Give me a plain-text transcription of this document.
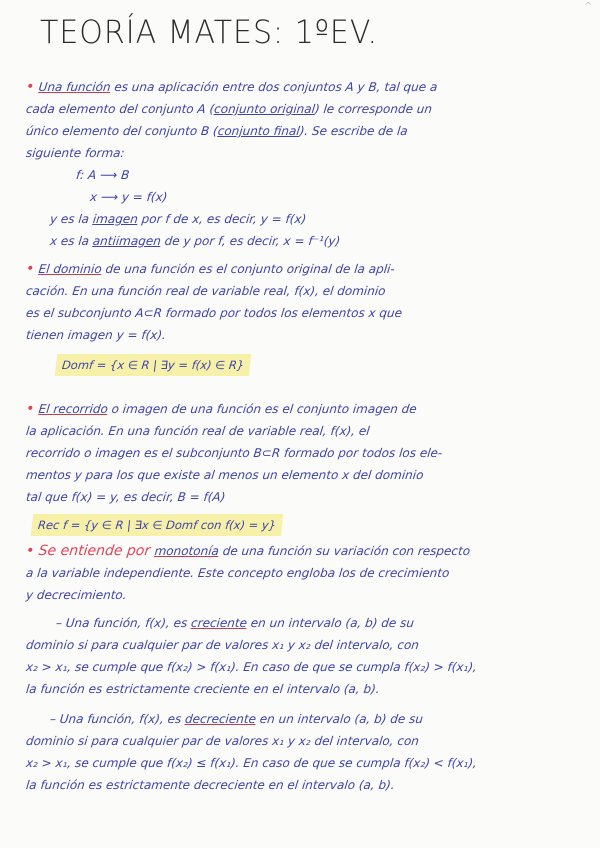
^
TEORÍA MATES: 1ºEV.
• Una función es una aplicación entre dos conjuntos A y B, tal que a
cada elemento del conjunto A (conjunto original) le corresponde un
único elemento del conjunto B (conjunto final). Se escribe de la
siguiente forma:
f: A ⟶ B
x ⟶ y = f(x)
y es la imagen por f de x, es decir, y = f(x)
x es la antiimagen de y por f, es decir, x = f⁻¹(y)
• El dominio de una función es el conjunto original de la apli-
cación. En una función real de variable real, f(x), el dominio
es el subconjunto A⊂R formado por todos los elementos x que
tienen imagen y = f(x).
Domf = {x ∈ R | ∃y = f(x) ∈ R}
• El recorrido o imagen de una función es el conjunto imagen de
la aplicación. En una función real de variable real, f(x), el
recorrido o imagen es el subconjunto B⊂R formado por todos los ele-
mentos y para los que existe al menos un elemento x del dominio
tal que f(x) = y, es decir, B = f(A)
Rec f = {y ∈ R | ∃x ∈ Domf con f(x) = y}
• Se entiende por monotonía de una función su variación con respecto
a la variable independiente. Este concepto engloba los de crecimiento
y decrecimiento.
– Una función, f(x), es creciente en un intervalo (a, b) de su
dominio si para cualquier par de valores x₁ y x₂ del intervalo, con
x₂ > x₁, se cumple que f(x₂) > f(x₁). En caso de que se cumpla f(x₂) > f(x₁),
la función es estrictamente creciente en el intervalo (a, b).
– Una función, f(x), es decreciente en un intervalo (a, b) de su
dominio si para cualquier par de valores x₁ y x₂ del intervalo, con
x₂ > x₁, se cumple que f(x₂) ≤ f(x₁). En caso de que se cumpla f(x₂) < f(x₁),
la función es estrictamente decreciente en el intervalo (a, b).
